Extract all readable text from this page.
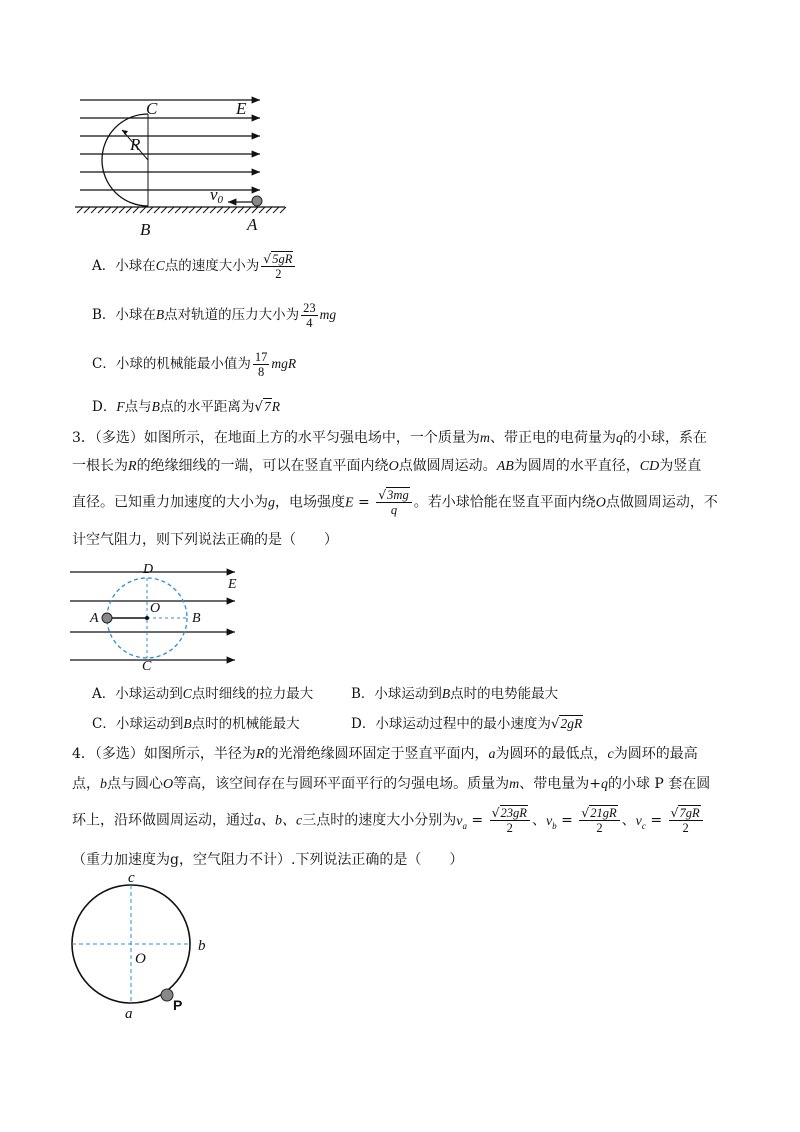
C	E
R
v0
B	A
A．小球在C点的速度大小为 $\frac{√5gR}{2}$
B．小球在B点对轨道的压力大小为 $\frac{23}{4}$ mg
C．小球的机械能最小值为 $\frac{17}{8}$ mgR
D．F点与B点的水平距离为√7R
3．（多选）如图所示，在地面上方的水平匀强电场中，一个质量为m、带正电的电荷量为q的小球，系在
一根长为R的绝缘细线的一端，可以在竖直平面内绕O点做圆周运动。AB为圆周的水平直径，CD为竖直
直径。已知重力加速度的大小为g，电场强度$E = \frac{√3mg}{q}$ 。若小球恰能在竖直平面内绕O点做圆周运动，不
计空气阻力，则下列说法正确的是（　　）
D
E
A
O
B
C
A．小球运动到C点时细线的拉力最大	B．小球运动到B点时的电势能最大
C．小球运动到B点时的机械能最大	D．小球运动过程中的最小速度为√2gR
4．（多选）如图所示，半径为R的光滑绝缘圆环固定于竖直平面内，a为圆环的最低点，c为圆环的最高
点，b点与圆心O等高，该空间存在与圆环平面平行的匀强电场。质量为m、带电量为+q的小球 P 套在圆
环上，沿环做圆周运动，通过a、b、c三点时的速度大小分别为$v_a = \frac{√23gR}{2}$ 、$v_b = \frac{√21gR}{2}$ 、$v_c = \frac{√7gR}{2}$
（重力加速度为g，空气阻力不计）.下列说法正确的是（　　）
c
b
O
a
P
